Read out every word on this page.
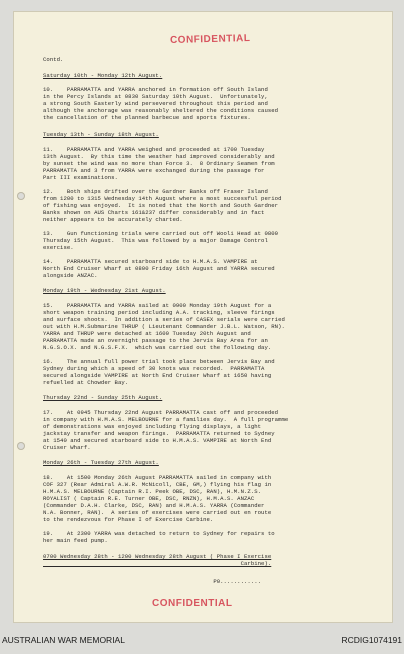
CONFIDENTIAL
CONFIDENTIAL
Contd.
Saturday 10th - Monday 12th August.
10.    PARRAMATTA and YARRA anchored in formation off South Island
in the Percy Islands at 0830 Saturday 10th August.  Unfortunately,
a strong South Easterly wind persevered throughout this period and
although the anchorage was reasonably sheltered the conditions caused
the cancellation of the planned barbecue and sports fixtures.
Tuesday 13th - Sunday 18th August.
11.    PARRAMATTA and YARRA weighed and proceeded at 1700 Tuesday
13th August.  By this time the weather had improved considerably and
by sunset the wind was no more than Force 3.  8 Ordinary Seamen from
PARRAMATTA and 3 from YARRA were exchanged during the passage for
Part III examinations.
12.    Both ships drifted over the Gardner Banks off Fraser Island
from 1200 to 1315 Wednesday 14th August where a most successful period
of fishing was enjoyed.  It is noted that the North and South Gardner
Banks shown on AUS Charts 161&237 differ considerably and in fact
neither appears to be accurately charted.
13.    Gun functioning trials were carried out off Wooli Head at 0800
Thursday 15th August.  This was followed by a major Damage Control
exercise.
14.    PARRAMATTA secured starboard side to H.M.A.S. VAMPIRE at
North End Cruiser Wharf at 0800 Friday 16th August and YARRA secured
alongside ANZAC.
Monday 19th - Wednesday 21st August.
15.    PARRAMATTA and YARRA sailed at 0900 Monday 19th August for a
short weapon training period including A.A. tracking, sleeve firings
and surface shoots.  In addition a series of CASEX serials were carried
out with H.M.Submarine THRUP ( Lieutenant Commander J.B.L. Watson, RN).
YARRA and THRUP were detached at 1600 Tuesday 20th August and
PARRAMATTA made an overnight passage to the Jervis Bay Area for an
N.G.S.O.X. and N.G.S.F.X.  which was carried out the following day.
16.    The annual full power trial took place between Jervis Bay and
Sydney during which a speed of 30 knots was recorded.  PARRAMATTA
secured alongside VAMPIRE at North End Cruiser Wharf at 1650 having
refuelled at Chowder Bay.
Thursday 22nd - Sunday 25th August.
17.    At 0945 Thursday 22nd August PARRAMATTA cast off and proceeded
in company with H.M.A.S. MELBOURNE for a families day.  A full programme
of demonstrations was enjoyed including flying displays, a light
jackstay transfer and weapon firings.  PARRAMATTA returned to Sydney
at 1540 and secured starboard side to H.M.A.S. VAMPIRE at North End
Cruiser Wharf.
Monday 26th - Tuesday 27th August.
18.    At 1500 Monday 26th August PARRAMATTA sailed in company with
COF 327 (Rear Admiral A.W.R. McNicoll, CBE, GM,) flying his flag in
H.M.A.S. MELBOURNE (Captain R.I. Peek OBE, DSC, RAN), H.M.N.Z.S.
ROYALIST ( Captain R.E. Turner OBE, DSC, RNZN), H.M.A.S. ANZAC
(Commander D.A.H. Clarke, DSC, RAN) and H.M.A.S. YARRA (Commander
N.A. Bonner, RAN).  A series of exercises were carried out en route
to the rendezvous for Phase I of Exercise Carbine.
19.    At 2300 YARRA was detached to return to Sydney for repairs to
her main feed pump.
0700 Wednesday 28th - 1200 Wednesday 28th August ( Phase I Exercise
Carbine).
P0............
AUSTRALIAN WAR MEMORIAL	RCDIG1074191
